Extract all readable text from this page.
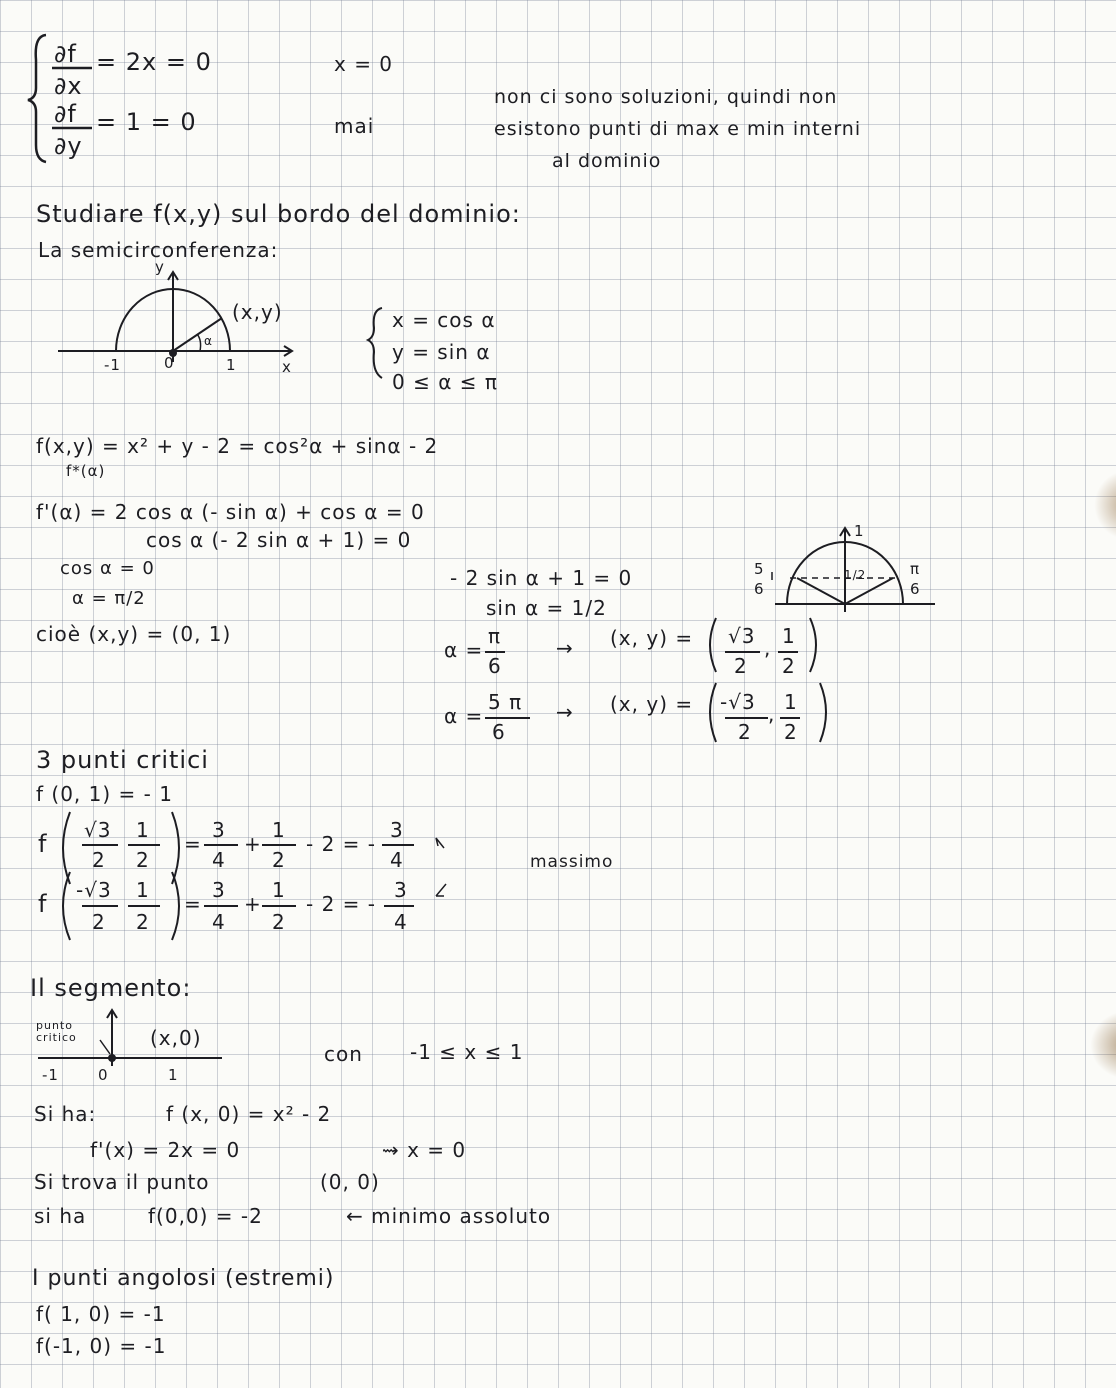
∂f
∂x
= 2x = 0
∂f
∂y
= 1 = 0
x = 0
mai
non ci sono soluzioni, quindi non
esistono punti di max e min interni
al dominio
Studiare f(x,y) sul bordo del dominio:
La semicirconferenza:
y
x
(x,y)
α
-1	0	1
x = cos α
y = sin α
0 ≤ α ≤ π
f(x,y) = x² + y - 2 = cos²α + sinα - 2
f*(α)
f'(α) = 2 cos α (- sin α) + cos α = 0
cos α (- 2 sin α + 1) = 0
cos α = 0
α = π/2
cioè (x,y) = (0, 1)
- 2 sin α + 1 = 0
sin α = 1/2
α =
π
6
→ (x, y) = √3
2
, 1
2
α =
5 π
6
→ (x, y) = -√3
2
, 1
2
1
1/2
5
6
π
6
3 punti critici
f (0, 1) = - 1
f √3
2
1
2
=
3
4
+
1
2
- 2 = -
3
4	massimo
f -√3
2
1
2
=
3
4
+
1
2
- 2 = -
3
4
Il segmento:
punto critico	(x,0)
-1	0	1
con -1 ≤ x ≤ 1
Si ha:	f (x, 0) = x² - 2
f'(x) = 2x = 0	⇝ x = 0
Si trova il punto	(0, 0)
si ha	f(0,0) = -2	← minimo assoluto
I punti angolosi (estremi)
f( 1, 0) = -1
f(-1, 0) = -1
